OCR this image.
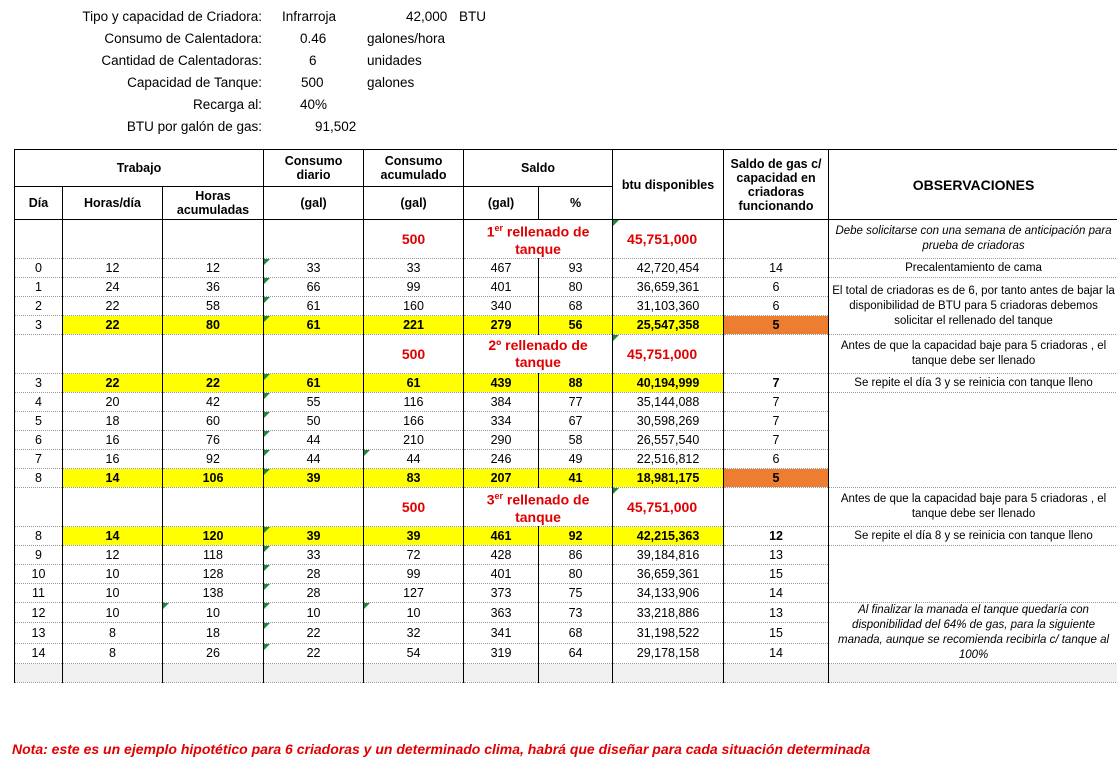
Tipo y capacidad de Criadora: Infrarroja	42,000 BTU
Consumo de Calentadora:	0.46	galones/hora
Cantidad de Calentadoras:	6	unidades
Capacidad de Tanque:	500	galones
Recarga al:	40%
BTU por galón de gas:	91,502
Trabajo			Consumo diario	Consumo acumulado	Saldo		btu disponibles	Saldo de gas c/ capacidad en criadoras funcionando	OBSERVACIONES
Día	Horas/día	Horas acumuladas	(gal)	(gal)	(gal)	%			
				500	1er rellenado de tanque		45,751,000		Debe solicitarse con una semana de anticipación para prueba de criadoras
0	12	12	33	33	467	93	42,720,454	14	Precalentamiento de cama
1	24	36	66	99	401	80	36,659,361	6	El total de criadoras es de 6, por tanto antes de bajar la disponibilidad de BTU para 5 criadoras debemos solicitar el rellenado del tanque
2	22	58	61	160	340	68	31,103,360	6	
3	22	80	61	221	279	56	25,547,358	5	
				500	2º rellenado de tanque		45,751,000		Antes de que la capacidad baje para 5 criadoras , el tanque debe ser llenado
3	22	22	61	61	439	88	40,194,999	7	Se repite el día 3 y se reinicia con tanque lleno
4	20	42	55	116	384	77	35,144,088	7	
5	18	60	50	166	334	67	30,598,269	7	
6	16	76	44	210	290	58	26,557,540	7	
7	16	92	44	44	246	49	22,516,812	6	
8	14	106	39	83	207	41	18,981,175	5	
				500	3er rellenado de tanque		45,751,000		Antes de que la capacidad baje para 5 criadoras , el tanque debe ser llenado
8	14	120	39	39	461	92	42,215,363	12	Se repite el día 8 y se reinicia con tanque lleno
9	12	118	33	72	428	86	39,184,816	13	
10	10	128	28	99	401	80	36,659,361	15	
11	10	138	28	127	373	75	34,133,906	14	
12	10	10	10	10	363	73	33,218,886	13	Al finalizar la manada el tanque quedaría con disponibilidad del 64% de gas, para la siguiente manada, aunque se recomienda recibirla c/ tanque al 100%
13	8	18	22	32	341	68	31,198,522	15	
14	8	26	22	54	319	64	29,178,158	14	

Nota: este es un ejemplo hipotético para 6 criadoras y un determinado clima, habrá que diseñar para cada situación determinada
